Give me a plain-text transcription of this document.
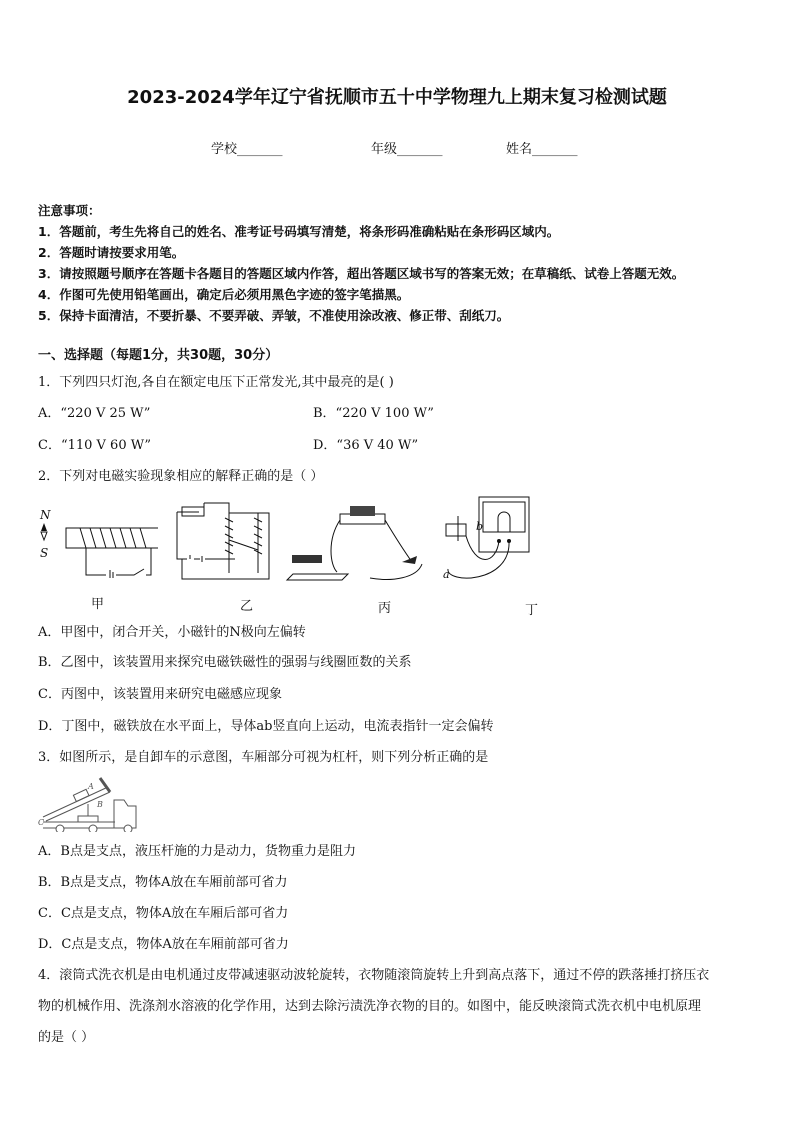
2023-2024学年辽宁省抚顺市五十中学物理九上期末复习检测试题
学校_______	年级_______	姓名_______
注意事项：
1．答题前，考生先将自己的姓名、准考证号码填写清楚，将条形码准确粘贴在条形码区域内。
2．答题时请按要求用笔。
3．请按照题号顺序在答题卡各题目的答题区域内作答，超出答题区域书写的答案无效；在草稿纸、试卷上答题无效。
4．作图可先使用铅笔画出，确定后必须用黑色字迹的签字笔描黑。
5．保持卡面清洁，不要折暴、不要弄破、弄皱，不准使用涂改液、修正带、刮纸刀。
一、选择题（每题1分，共30题，30分）
1．下列四只灯泡,各自在额定电压下正常发光,其中最亮的是( )
A．“220 V 25 W”	B．“220 V 100 W”
C．“110 V 60 W”	D．“36 V 40 W”
2．下列对电磁实验现象相应的解释正确的是（ ）
N
S
b
a
甲	乙	丙	丁
A．甲图中，闭合开关，小磁针的N极向左偏转
B．乙图中，该装置用来探究电磁铁磁性的强弱与线圈匝数的关系
C．丙图中，该装置用来研究电磁感应现象
D．丁图中，磁铁放在水平面上，导体ab竖直向上运动，电流表指针一定会偏转
3．如图所示，是自卸车的示意图，车厢部分可视为杠杆，则下列分析正确的是
A
B
C
A．B点是支点，液压杆施的力是动力，货物重力是阻力
B．B点是支点，物体A放在车厢前部可省力
C．C点是支点，物体A放在车厢后部可省力
D．C点是支点，物体A放在车厢前部可省力
4．滚筒式洗衣机是由电机通过皮带减速驱动波轮旋转，衣物随滚筒旋转上升到高点落下，通过不停的跌落捶打挤压衣
物的机械作用、洗涤剂水溶液的化学作用，达到去除污渍洗净衣物的目的。如图中，能反映滚筒式洗衣机中电机原理
的是（ ）
